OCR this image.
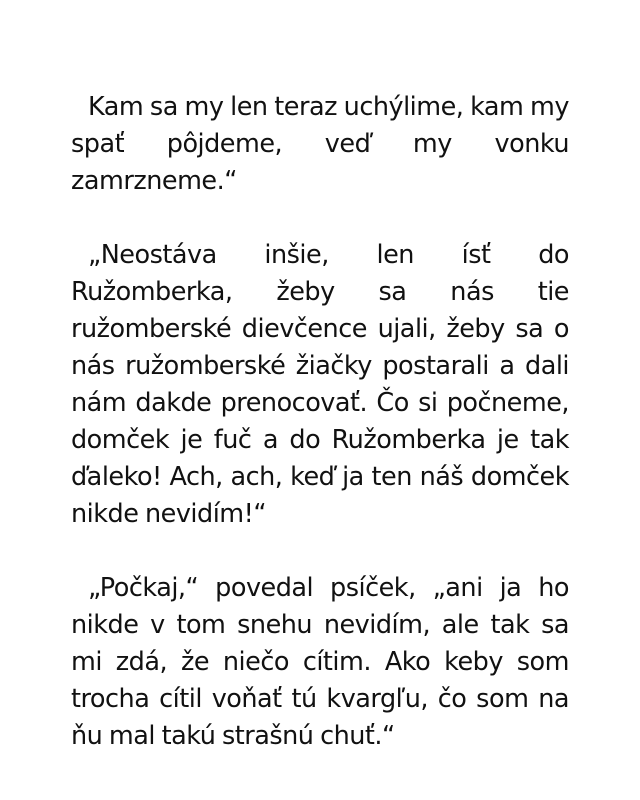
Kam sa my len teraz uchýlime, kam my spať pôjdeme, veď my vonku zamrzneme.“

„Neostáva inšie, len ísť do Ružomberka, žeby sa nás tie ružomberské dievčence ujali, žeby sa o nás ružomberské žiačky postarali a dali nám dakde prenocovať. Čo si počneme, domček je fuč a do Ružomberka je tak ďaleko! Ach, ach, keď ja ten náš domček nikde nevidím!“

„Počkaj,“ povedal psíček, „ani ja ho nikde v tom snehu nevidím, ale tak sa mi zdá, že niečo cítim. Ako keby som trocha cítil voňať tú kvargľu, čo som na ňu mal takú strašnú chuť.“
